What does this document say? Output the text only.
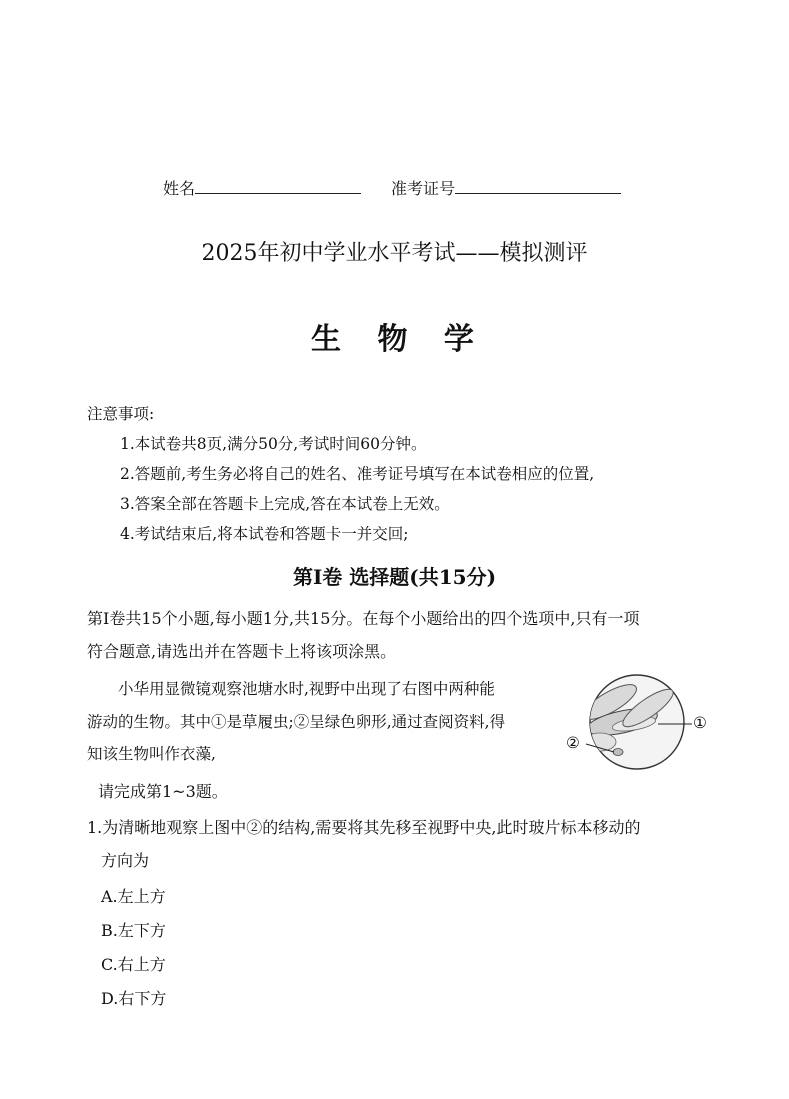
姓名	准考证号
2025年初中学业水平考试——模拟测评
生 物 学
注意事项:
1.本试卷共8页,满分50分,考试时间60分钟。
2.答题前,考生务必将自己的姓名、准考证号填写在本试卷相应的位置,
3.答案全部在答题卡上完成,答在本试卷上无效。
4.考试结束后,将本试卷和答题卡一并交回;
第Ⅰ卷 选择题(共15分)
第Ⅰ卷共15个小题,每小题1分,共15分。在每个小题给出的四个选项中,只有一项
符合题意,请选出并在答题卡上将该项涂黑。
小华用显微镜观察池塘水时,视野中出现了右图中两种能
游动的生物。其中①是草履虫;②呈绿色卵形,通过查阅资料,得
知该生物叫作衣藻,
请完成第1~3题。
①
②
1.为清晰地观察上图中②的结构,需要将其先移至视野中央,此时玻片标本移动的
方向为
A.左上方
B.左下方
C.右上方
D.右下方
